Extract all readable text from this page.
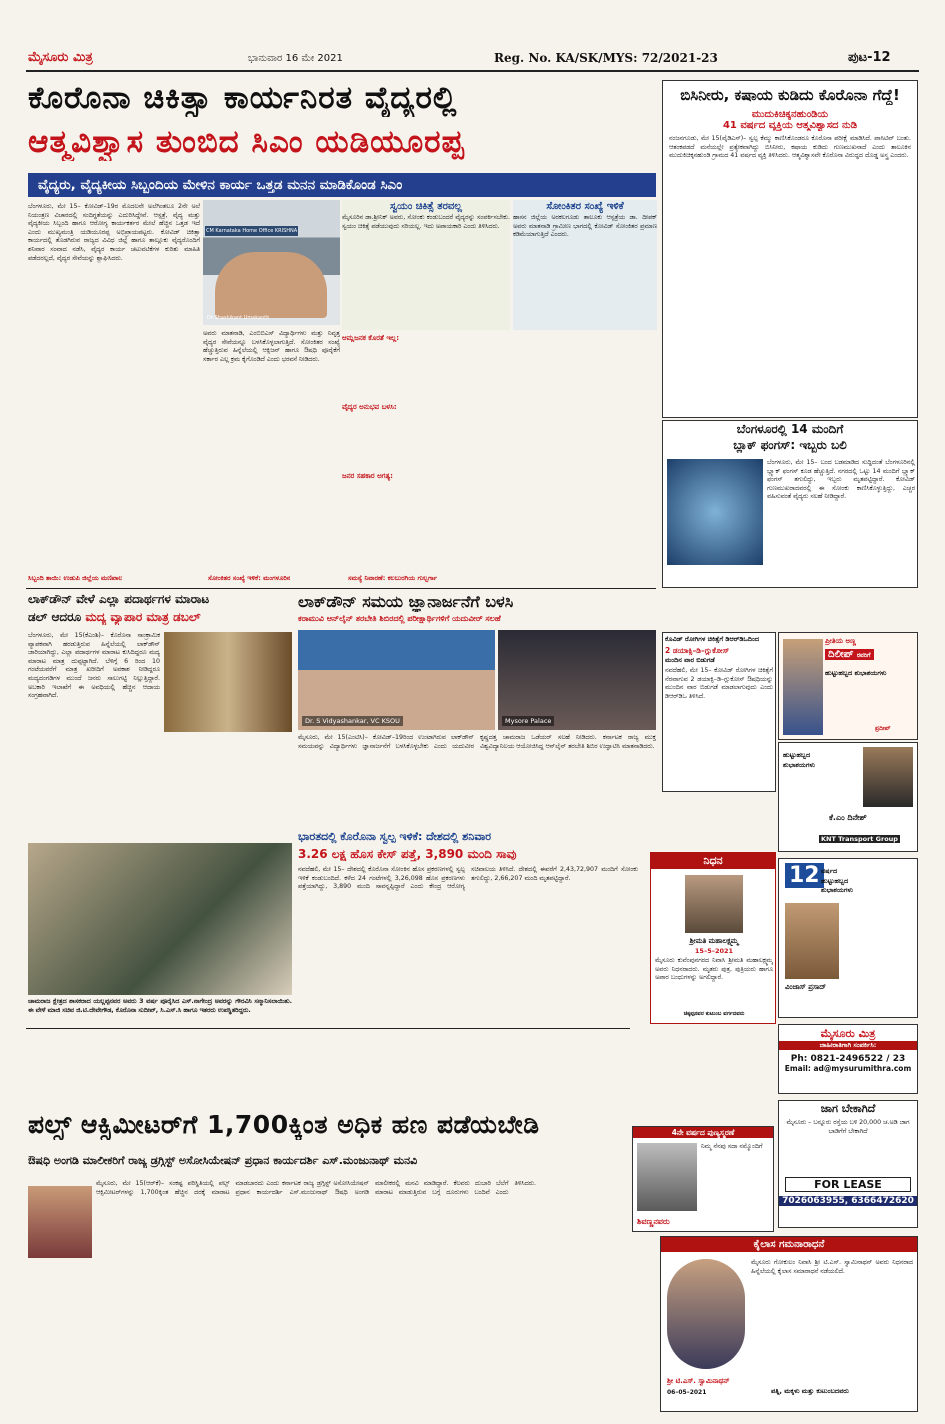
ಮೈಸೂರು ಮಿತ್ರ	ಭಾನುವಾರ 16 ಮೇ 2021	Reg. No. KA/SK/MYS: 72/2021-23	ಪುಟ-12
ಕೊರೊನಾ ಚಿಕಿತ್ಸಾ ಕಾರ್ಯನಿರತ ವೈದ್ಯರಲ್ಲಿ
ಆತ್ಮವಿಶ್ವಾಸ ತುಂಬಿದ ಸಿಎಂ ಯಡಿಯೂರಪ್ಪ
ವೈದ್ಯರು, ವೈದ್ಯಕೀಯ ಸಿಬ್ಬಂದಿಯ ಮೇಳಿನ ಕಾರ್ಯ ಒತ್ತಡ ಮನನ ಮಾಡಿಕೊಂಡ ಸಿಎಂ
ಬೆಂಗಳೂರು, ಮೇ 15– ಕೋವಿಡ್–19ರ ಮೊದಲನೇ ಅಲೆಗಿಂತಲೂ 2ನೇ ಅಲೆ ನಿಯಂತ್ರಣ ವಿಚಾರದಲ್ಲಿ ಸಂದಿಗ್ಧತೆಯನ್ನು ಎದುರಿಸಿದ್ದೇವೆ. ಆಸ್ಪತ್ರೆ, ವೈದ್ಯ ಮತ್ತು ವೈದ್ಯಕೀಯ ಸಿಬ್ಬಂದಿ ಹಾಗೂ ಆರೋಗ್ಯ ಕಾರ್ಯಕರ್ತರ ಮೇಲೆ ಹೆಚ್ಚಿನ ಒತ್ತಡ ಇದೆ ಎಂದು ಮುಖ್ಯಮಂತ್ರಿ ಯಡಿಯೂರಪ್ಪ ಅಭಿಪ್ರಾಯಪಟ್ಟರು. ಕೋವಿಡ್ ಚಿಕಿತ್ಸಾ ಕಾರ್ಯದಲ್ಲಿ ತೊಡಗಿರುವ ರಾಜ್ಯದ ವಿವಿಧ ಜಿಲ್ಲೆ ಹಾಗೂ ತಾಲ್ಲೂಕು ವೈದ್ಯರೊಂದಿಗೆ ಶನಿವಾರ ಸಂವಾದ ನಡೆಸಿ, ವೈದ್ಯರ ಕಾರ್ಯ ಚಟುವಟಿಕೆಗಳ ಕುರಿತು ಮಾಹಿತಿ ಪಡೆದರಲ್ಲದೆ, ವೈದ್ಯರ ಸೇವೆಯನ್ನು ಶ್ಲಾಘಿಸಿದರು.
CM Karnataka Home Office KRISHNA
Dr Shashikant Umakanth
ಅವರು ಮಾತನಾಡಿ, ಎಂಬಿಬಿಎಸ್ ವಿದ್ಯಾರ್ಥಿಗಳು ಮತ್ತು ನಿವೃತ್ತ ವೈದ್ಯರ ಸೇವೆಯನ್ನೂ ಬಳಸಿಕೊಳ್ಳಲಾಗುತ್ತಿದೆ. ಸೋಂಕಿತರ ಸಂಖ್ಯೆ ಹೆಚ್ಚುತ್ತಿರುವ ಹಿನ್ನೆಲೆಯಲ್ಲಿ ಆಕ್ಸಿಜನ್ ಹಾಗೂ ಔಷಧಿ ಪೂರೈಕೆಗೆ ಸರ್ಕಾರ ಎಲ್ಲ ಕ್ರಮ ಕೈಗೊಂಡಿದೆ ಎಂದು ಭರವಸೆ ನೀಡಿದರು.
ಸ್ವಯಂ ಚಿಕಿತ್ಸೆ ತರವಲ್ಲ
ಮೈಸೂರಿನ ಡಾ.ಶ್ರೀನಿಕ್ ಅವರು, ಸೋಂಕು ಕಂಡುಬಂದರೆ ವೈದ್ಯರನ್ನು ಸಂಪರ್ಕಿಸಬೇಕು. ಸ್ವಯಂ ಚಿಕಿತ್ಸೆ ಪಡೆಯುವುದು ಸರಿಯಲ್ಲ. ಇದು ಅಪಾಯಕಾರಿ ಎಂದು ತಿಳಿಸಿದರು.
ಸೋಂಕಿತರ ಸಂಖ್ಯೆ ಇಳಿಕೆ
ಹಾಸನ ಜಿಲ್ಲೆಯ ಅರಕಲಗೂಡು ತಾಲೂಕು ಆಸ್ಪತ್ರೆಯ ಡಾ. ದೀಪಕ್ ಅವರು ಮಾತನಾಡಿ ಗ್ರಾಮೀಣ ಭಾಗದಲ್ಲಿ ಕೋವಿಡ್ ಸೋಂಕಿತರ ಪ್ರಮಾಣ ಕಡಿಮೆಯಾಗುತ್ತಿದೆ ಎಂದರು.
ಆಮ್ಲಜನಕ ಕೊರತೆ ಇಲ್ಲ:
ವೈದ್ಯರ ಅನುಭವ ಬಳಸಿ:
ಜನರ ಸಹಕಾರ ಅಗತ್ಯ:
ಸಿಬ್ಬಂದಿ ತಾಯಿ: ಉಡುಪಿ ಜಿಲ್ಲೆಯ ಮಣಿಪಾಲ	ಸೋಂಕಿತರ ಸಂಖ್ಯೆ ಇಳಿಕೆ: ಮಂಗಳೂರಿನ	ಸಮಸ್ಯೆ ನಿವಾರಣೆ: ಕಲಬುರಗಿಯ ಗುಲ್ಬರ್ಗಾ
ಬಿಸಿನೀರು, ಕಷಾಯ ಕುಡಿದು ಕೊರೊನಾ ಗೆದ್ದೆ!
ಮುದುಕಿಚಿಕ್ಕನಹುಂಡಿಯ
41 ವರ್ಷದ ವ್ಯಕ್ತಿಯ ಆತ್ಮವಿಶ್ವಾಸದ ನುಡಿ
ನಂಜನಗೂಡು, ಮೇ 15(ವೈಡಿಎಸ್)– ಸ್ವಲ್ಪ ಕೆಮ್ಮು ಕಾಣಿಸಿಕೊಂಡರೂ ಕೊರೊನಾ ಪರೀಕ್ಷೆ ಮಾಡಿಸಿದೆ. ಪಾಸಿಟಿವ್ ಬಂತು. ಆತಂಕಪಡದೆ ಮನೆಯಲ್ಲೇ ಪ್ರತ್ಯೇಕವಾಗಿದ್ದು ಬಿಸಿನೀರು, ಕಷಾಯ ಕುಡಿದು ಗುಣಮುಖನಾದೆ ಎಂದು ತಾಲೂಕಿನ ಮುದುಕಿಚಿಕ್ಕನಹುಂಡಿ ಗ್ರಾಮದ 41 ವರ್ಷದ ವ್ಯಕ್ತಿ ತಿಳಿಸಿದರು. ಆತ್ಮವಿಶ್ವಾಸವೇ ಕೊರೊನಾ ವಿರುದ್ಧದ ದೊಡ್ಡ ಅಸ್ತ್ರ ಎಂದರು.
ಬೆಂಗಳೂರಲ್ಲಿ 14 ಮಂದಿಗೆ
ಬ್ಲಾಕ್ ಫಂಗಸ್: ಇಬ್ಬರು ಬಲಿ
ಬೆಂಗಳೂರು, ಮೇ 15– ಬಂದ ಬಡಮಾಡಿದ ಸುದ್ದಿದಂತೆ ಬೆಂಗಳೂರಿನಲ್ಲಿ ಬ್ಲ್ಯಾಕ್ ಫಂಗಸ್ ಕೂಡ ಹೆಚ್ಚುತ್ತಿದೆ. ನಗರದಲ್ಲಿ ಒಟ್ಟು 14 ಮಂದಿಗೆ ಬ್ಲ್ಯಾಕ್ ಫಂಗಸ್ ತಗುಲಿದ್ದು, ಇಬ್ಬರು ಮೃತಪಟ್ಟಿದ್ದಾರೆ. ಕೋವಿಡ್ ಗುಣಮುಖರಾದವರಲ್ಲಿ ಈ ಸೋಂಕು ಕಾಣಿಸಿಕೊಳ್ಳುತ್ತಿದ್ದು, ಎಚ್ಚರ ವಹಿಸುವಂತೆ ವೈದ್ಯರು ಸಲಹೆ ನೀಡಿದ್ದಾರೆ.
ಲಾಕ್‌ಡೌನ್ ವೇಳೆ ಎಲ್ಲಾ ಪದಾರ್ಥಗಳ ಮಾರಾಟ
ಡಲ್ ಆದರೂ ಮದ್ಯ ವ್ಯಾಪಾರ ಮಾತ್ರ ಡಬಲ್
ಬೆಂಗಳೂರು, ಮೇ 15(ಕೆಎಂಶಿ)– ಕೊರೊನಾ ಸಾಂಕ್ರಾಮಿಕ ವ್ಯಾಪಕವಾಗಿ ಹರಡುತ್ತಿರುವ ಹಿನ್ನೆಲೆಯಲ್ಲಿ ಲಾಕ್‌ಡೌನ್ ಜಾರಿಯಾಗಿದ್ದು, ಎಲ್ಲಾ ಪದಾರ್ಥಗಳ ಮಾರಾಟ ಕುಸಿದಿದ್ದರೂ ಮದ್ಯ ಮಾರಾಟ ಮಾತ್ರ ದುಪ್ಪಟ್ಟಾಗಿದೆ. ಬೆಳಿಗ್ಗೆ 6 ರಿಂದ 10 ಗಂಟೆಯವರೆಗೆ ಮಾತ್ರ ಖರೀದಿಗೆ ಅವಕಾಶ ನೀಡಿದ್ದರೂ ಮದ್ಯದಂಗಡಿಗಳ ಮುಂದೆ ಜನರು ಸಾಲುಗಟ್ಟಿ ನಿಲ್ಲುತ್ತಿದ್ದಾರೆ. ಅಬಕಾರಿ ಇಲಾಖೆಗೆ ಈ ಅವಧಿಯಲ್ಲಿ ಹೆಚ್ಚಿನ ಆದಾಯ ಸಂಗ್ರಹವಾಗಿದೆ.
ಚಾಮರಾಜ ಕ್ಷೇತ್ರದ ಶಾಸಕರಾದ ಯಲ್ಲಪ್ಪನವರ ಅವರು 3 ವರ್ಷ ಪೂರೈಸಿದ ಎಸ್.ನಾಗೇಂದ್ರ ಅವರನ್ನು ಗೌರವಿಸಿ ಸನ್ಮಾನಿಸಲಾಯಿತು. ಈ ವೇಳೆ ಮಾಜಿ ಸಚಿವ ಜಿ.ಟಿ.ದೇವೇಗೌಡ, ಕೊರೊನಾ ಸುದೀಪ್, ಸಿ.ಎಸ್.ಸಿ ಹಾಗೂ ಇತರರು ಉಪಸ್ಥಿತರಿದ್ದರು.
ಲಾಕ್‌ಡೌನ್ ಸಮಯ ಜ್ಞಾನಾರ್ಜನೆಗೆ ಬಳಸಿ
ಕರಾಮುವಿ ಆನ್‌ಲೈನ್ ತರಬೇತಿ ಶಿಬಿರದಲ್ಲಿ ಪರೀಕ್ಷಾರ್ಥಿಗಳಿಗೆ ಯದುವೀರ್ ಸಲಹೆ
Dr. S Vidyashankar, VC KSOU	Mysore Palace
ಮೈಸೂರು, ಮೇ 15(ಎಂಟಿಸಿ)– ಕೋವಿಡ್–19ರಿಂದ ಉಂಟಾಗಿರುವ ಲಾಕ್‌ಡೌನ್ ಸಮಯವನ್ನು ವಿದ್ಯಾರ್ಥಿಗಳು ಜ್ಞಾನಾರ್ಜನೆಗೆ ಬಳಸಿಕೊಳ್ಳಬೇಕು ಎಂದು ಯದುವೀರ ಕೃಷ್ಣದತ್ತ ಚಾಮರಾಜ ಒಡೆಯರ್ ಸಲಹೆ ನೀಡಿದರು. ಕರ್ನಾಟಕ ರಾಜ್ಯ ಮುಕ್ತ ವಿಶ್ವವಿದ್ಯಾನಿಲಯ ಆಯೋಜಿಸಿದ್ದ ಆನ್‌ಲೈನ್ ತರಬೇತಿ ಶಿಬಿರ ಉದ್ಘಾಟಿಸಿ ಮಾತನಾಡಿದರು.
ಭಾರತದಲ್ಲಿ ಕೊರೊನಾ ಸ್ವಲ್ಪ ಇಳಿಕೆ: ದೇಶದಲ್ಲಿ ಶನಿವಾರ
3.26 ಲಕ್ಷ ಹೊಸ ಕೇಸ್ ಪತ್ತೆ, 3,890 ಮಂದಿ ಸಾವು
ನವದೆಹಲಿ, ಮೇ 15– ದೇಶದಲ್ಲಿ ಕೊರೊನಾ ಸೋಂಕಿನ ಹೊಸ ಪ್ರಕರಣಗಳಲ್ಲಿ ಸ್ವಲ್ಪ ಇಳಿಕೆ ಕಂಡುಬಂದಿದೆ. ಕಳೆದ 24 ಗಂಟೆಗಳಲ್ಲಿ 3,26,098 ಹೊಸ ಪ್ರಕರಣಗಳು ಪತ್ತೆಯಾಗಿದ್ದು, 3,890 ಮಂದಿ ಸಾವನ್ನಪ್ಪಿದ್ದಾರೆ ಎಂದು ಕೇಂದ್ರ ಆರೋಗ್ಯ ಸಚಿವಾಲಯ ತಿಳಿಸಿದೆ. ದೇಶದಲ್ಲಿ ಈವರೆಗೆ 2,43,72,907 ಮಂದಿಗೆ ಸೋಂಕು ತಗುಲಿದ್ದು, 2,66,207 ಮಂದಿ ಮೃತಪಟ್ಟಿದ್ದಾರೆ.
ಕೊವಿಡ್ ರೋಗಿಗಳ ಚಿಕಿತ್ಸೆಗೆ ಡಿಆರ್‌ಡಿಒದಿಂದ
2 ಡಯಾಕ್ಸಿ–ಡಿ–ಗ್ಲುಕೋಸ್
ಮಂದಿನ ವಾರ ಬಿಡುಗಡೆ
ನವದೆಹಲಿ, ಮೇ 15– ಕೋವಿಡ್ ರೋಗಿಗಳ ಚಿಕಿತ್ಸೆಗೆ ನೆರವಾಗುವ 2 ಡಯಾಕ್ಸಿ–ಡಿ–ಗ್ಲುಕೋಸ್ ಔಷಧಿಯನ್ನು ಮುಂದಿನ ವಾರ ಬಿಡುಗಡೆ ಮಾಡಲಾಗುವುದು ಎಂದು ಡಿಆರ್‌ಡಿಒ ತಿಳಿಸಿದೆ.
ಪ್ರೀತಿಯ ಅಣ್ಣ
ದಿಲೀಪ್ ರವರಿಗೆ
ಹುಟ್ಟುಹಬ್ಬದ ಶುಭಾಶಯಗಳು
ಪ್ರದೀಪ್
ಹುಟ್ಟುಹಬ್ಬದ
ಶುಭಾಶಯಗಳು
ಕೆ.ಎಂ ದಿನೇಶ್
KNT Transport Group
ನಿಧನ
ಶ್ರೀಮತಿ ಮಹಾಲಕ್ಷ್ಮಮ್ಮ
15–5–2021
ಮೈಸೂರು ಕುವೆಂಪುನಗರದ ನಿವಾಸಿ ಶ್ರೀಮತಿ ಮಹಾಲಕ್ಷ್ಮಮ್ಮ ಅವರು ನಿಧನರಾದರು. ಮೃತರು ಪುತ್ರ, ಪುತ್ರಿಯರು ಹಾಗೂ ಅಪಾರ ಬಂಧುಗಳನ್ನು ಅಗಲಿದ್ದಾರೆ.
ಚಿಕ್ಕಪ್ಪನವರ ಕುಟುಂಬ ವರ್ಗದವರು
12 ವರ್ಷದ
ಹುಟ್ಟುಹಬ್ಬದ ಶುಭಾಶಯಗಳು
ವಿಂಜಾಸ್ ಪ್ರಸಾದ್
ಮೈಸೂರು ಮಿತ್ರ
ಜಾಹೀರಾತಿಗಾಗಿ ಸಂಪರ್ಕಿಸಿ:
Ph: 0821-2496522 / 23
Email: ad@mysurumithra.com
ಪಲ್ಸ್ ಆಕ್ಸಿಮೀಟರ್‌ಗೆ 1,700ಕ್ಕಿಂತ ಅಧಿಕ ಹಣ ಪಡೆಯಬೇಡಿ
ಔಷಧಿ ಅಂಗಡಿ ಮಾಲೀಕರಿಗೆ ರಾಜ್ಯ ಡ್ರಗ್ಗಿಸ್ಟ್ ಅಸೋಸಿಯೇಷನ್ ಪ್ರಧಾನ ಕಾರ್ಯದರ್ಶಿ ಎಸ್.ಮಂಜುನಾಥ್ ಮನವಿ
ಮೈಸೂರು, ಮೇ 15(ಆರ್‌ಕೆ)– ಸಂಕಷ್ಟ ಪರಿಸ್ಥಿತಿಯಲ್ಲಿ ಪಲ್ಸ್ ಆಕ್ಸಿಮೀಟರ್‌ಗಳನ್ನು 1,700ಕ್ಕಿಂತ ಹೆಚ್ಚಿನ ದರಕ್ಕೆ ಮಾರಾಟ ಮಾಡಬಾರದು ಎಂದು ಕರ್ನಾಟಕ ರಾಜ್ಯ ಡ್ರಗ್ಗಿಸ್ಟ್ ಅಸೋಸಿಯೇಷನ್ ಪ್ರಧಾನ ಕಾರ್ಯದರ್ಶಿ ಎಸ್.ಮಂಜುನಾಥ್ ಔಷಧಿ ಅಂಗಡಿ ಮಾಲೀಕರಲ್ಲಿ ಮನವಿ ಮಾಡಿದ್ದಾರೆ. ಕೆಲವರು ದುಬಾರಿ ಬೆಲೆಗೆ ಮಾರಾಟ ಮಾಡುತ್ತಿರುವ ಬಗ್ಗೆ ದೂರುಗಳು ಬಂದಿವೆ ಎಂದು ತಿಳಿಸಿದರು.
4ನೇ ವರ್ಷದ ಪುಣ್ಯಸ್ಮರಣೆ
ನಿಮ್ಮ ನೆನಪು ಸದಾ ನಮ್ಮೊಂದಿಗೆ
ಶಿವಣ್ಣನವರು
ಜಾಗ ಬೇಕಾಗಿದೆ
ಮೈಸೂರು – ಬನ್ನೂರು ರಸ್ತೆಯ ಬಳಿ 20,000 ಚ.ಅಡಿ ಜಾಗ ಬಾಡಿಗೆಗೆ ಬೇಕಾಗಿದೆ
FOR LEASE
7026063955, 6366472620
ಕೈಲಾಸ ಗಮನಾರಾಧನೆ
ಮೈಸೂರು ಗೋಕುಲಂ ನಿವಾಸಿ ಶ್ರೀ ಟಿ.ಎಸ್. ಸ್ವಾಮಿನಾಥನ್ ಅವರು ನಿಧನರಾದ ಹಿನ್ನೆಲೆಯಲ್ಲಿ ಕೈಲಾಸ ಸಮಾರಾಧನೆ ನಡೆಯಲಿದೆ.
ಶ್ರೀ ಟಿ.ಎಸ್. ಸ್ವಾಮಿನಾಥನ್
06–05–2021	ಪತ್ನಿ, ಮಕ್ಕಳು ಮತ್ತು ಕುಟುಂಬದವರು
